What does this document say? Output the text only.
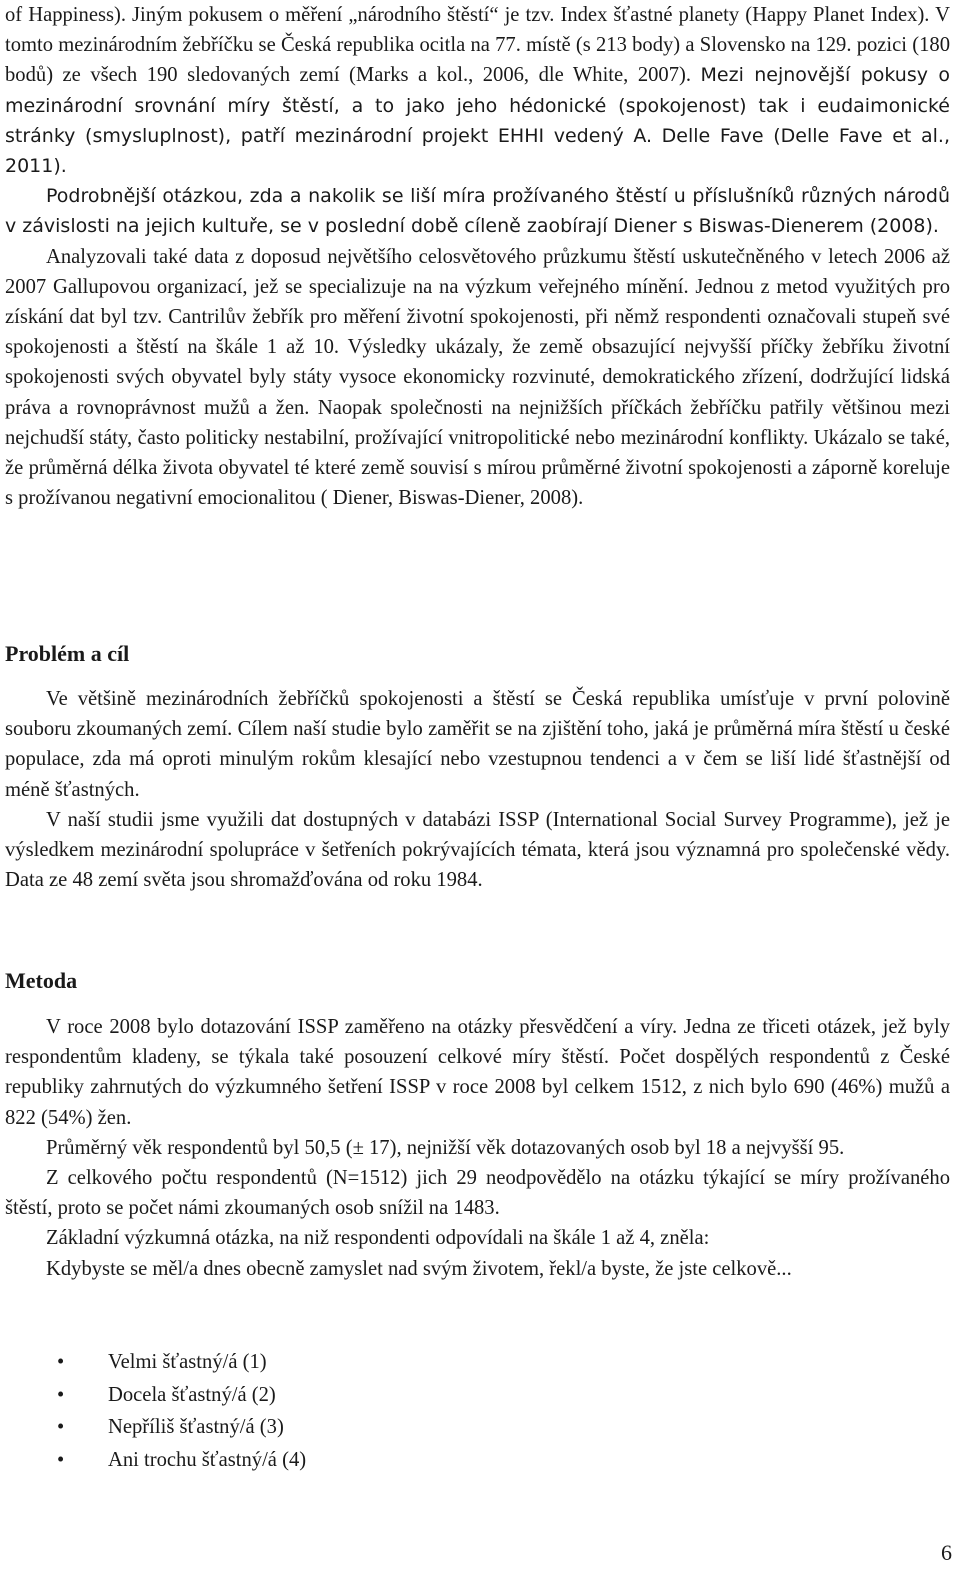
of Happiness). Jiným pokusem o měření „národního štěstí“ je tzv. Index šťastné planety (Happy Planet Index). V tomto mezinárodním žebříčku se Česká republika ocitla na 77. místě (s 213 body) a Slovensko na 129. pozici (180 bodů) ze všech 190 sledovaných zemí (Marks a kol., 2006, dle White, 2007). Mezi nejnovější pokusy o mezinárodní srovnání míry štěstí, a to jako jeho hédonické (spokojenost) tak i eudaimonické stránky (smysluplnost), patří mezinárodní projekt EHHI vedený A. Delle Fave (Delle Fave et al., 2011).

Podrobnější otázkou, zda a nakolik se liší míra prožívaného štěstí u příslušníků různých národů v závislosti na jejich kultuře, se v poslední době cíleně zaobírají Diener s Biswas-Dienerem (2008).

Analyzovali také data z doposud největšího celosvětového průzkumu štěstí uskutečněného v letech 2006 až 2007 Gallupovou organizací, jež se specializuje na na výzkum veřejného mínění. Jednou z metod využitých pro získání dat byl tzv. Cantrilův žebřík pro měření životní spokojenosti, při němž respondenti označovali stupeň své spokojenosti a štěstí na škále 1 až 10. Výsledky ukázaly, že země obsazující nejvyšší příčky žebříku životní spokojenosti svých obyvatel byly státy vysoce ekonomicky rozvinuté, demokratického zřízení, dodržující lidská práva a rovnoprávnost mužů a žen. Naopak společnosti na nejnižších příčkách žebříčku patřily většinou mezi nejchudší státy, často politicky nestabilní, prožívající vnitropolitické nebo mezinárodní konflikty. Ukázalo se také, že průměrná délka života obyvatel té které země souvisí s mírou průměrné životní spokojenosti a záporně koreluje s prožívanou negativní emocionalitou ( Diener, Biswas-Diener, 2008).

Problém a cíl

Ve většině mezinárodních žebříčků spokojenosti a štěstí se Česká republika umísťuje v první polovině souboru zkoumaných zemí. Cílem naší studie bylo zaměřit se na zjištění toho, jaká je průměrná míra štěstí u české populace, zda má oproti minulým rokům klesající nebo vzestupnou tendenci a v čem se liší lidé šťastnější od méně šťastných.

V naší studii jsme využili dat dostupných v databázi ISSP (International Social Survey Programme), jež je výsledkem mezinárodní spolupráce v šetřeních pokrývajících témata, která jsou významná pro společenské vědy. Data ze 48 zemí světa jsou shromažďována od roku 1984.

Metoda

V roce 2008 bylo dotazování ISSP zaměřeno na otázky přesvědčení a víry. Jedna ze třiceti otázek, jež byly respondentům kladeny, se týkala také posouzení celkové míry štěstí. Počet dospělých respondentů z České republiky zahrnutých do výzkumného šetření ISSP v roce 2008 byl celkem 1512, z nich bylo 690 (46%) mužů a 822 (54%) žen.

Průměrný věk respondentů byl 50,5 (± 17), nejnižší věk dotazovaných osob byl 18 a nejvyšší 95.

Z celkového počtu respondentů (N=1512) jich 29 neodpovědělo na otázku týkající se míry prožívaného štěstí, proto se počet námi zkoumaných osob snížil na 1483.

Základní výzkumná otázka, na niž respondenti odpovídali na škále 1 až 4, zněla:

Kdybyste se měl/a dnes obecně zamyslet nad svým životem, řekl/a byste, že jste celkově...

• Velmi šťastný/á (1)
• Docela šťastný/á (2)
• Nepříliš šťastný/á (3)
• Ani trochu šťastný/á (4)
6
